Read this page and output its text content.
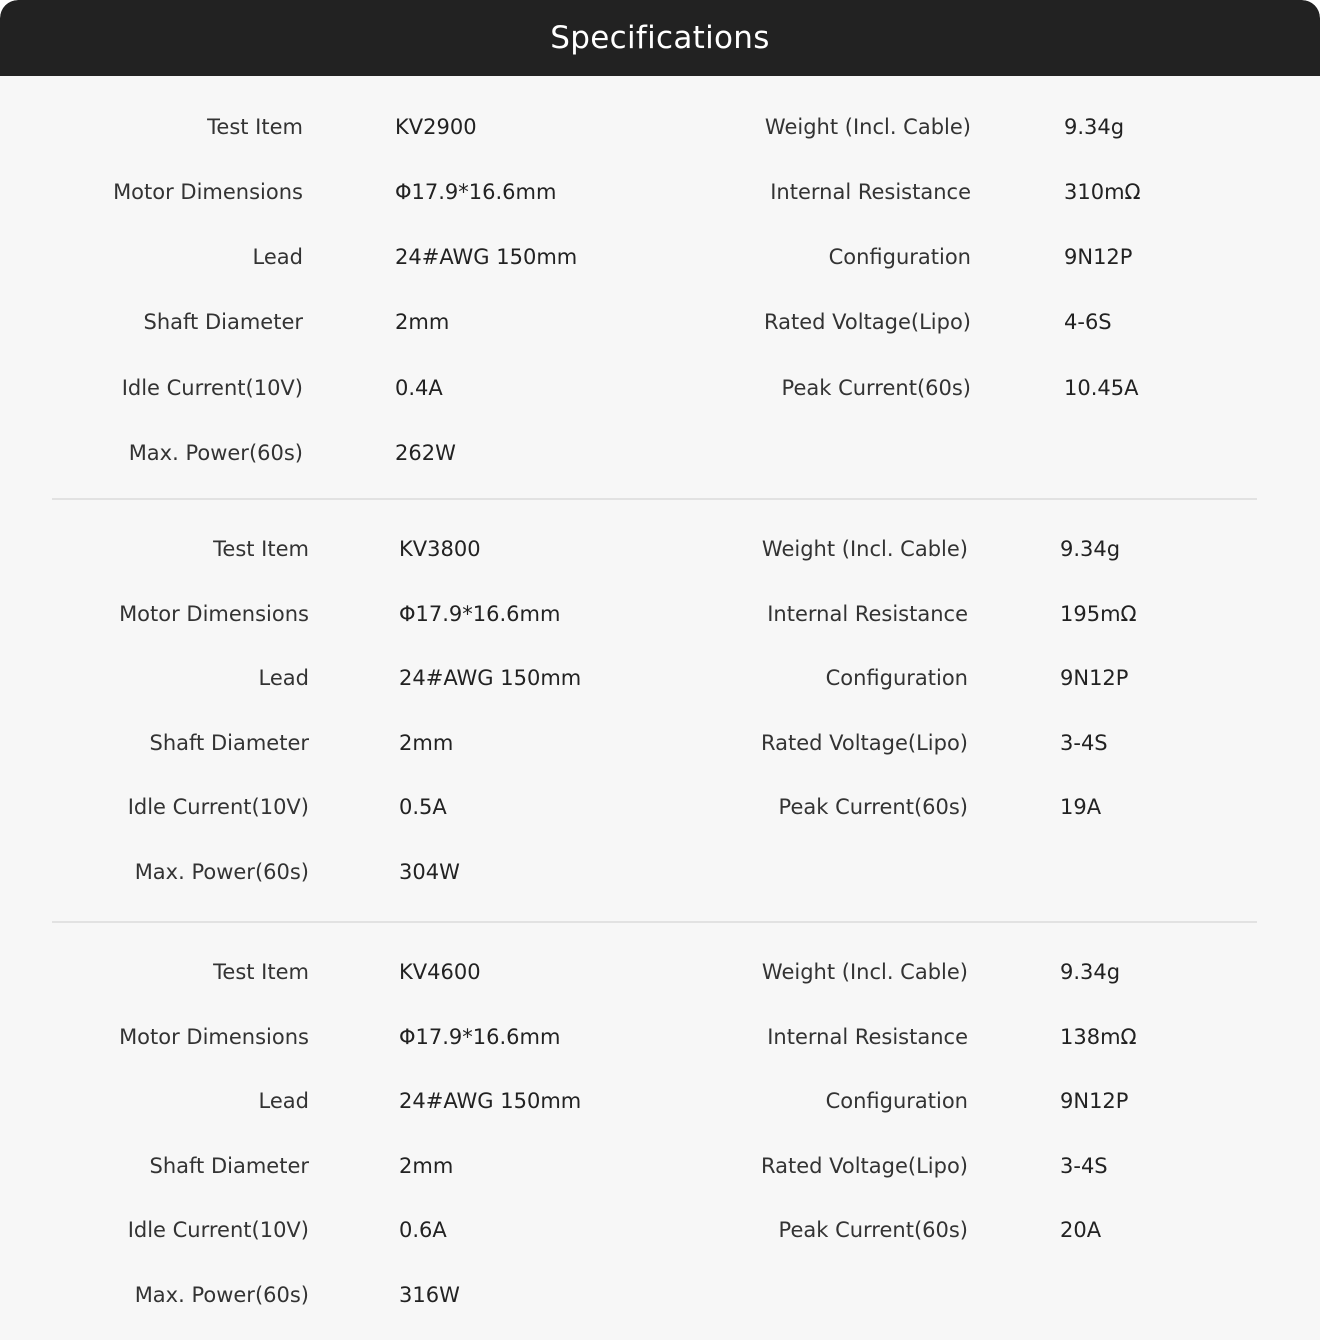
Specifications
Test Item	KV2900	Weight (Incl. Cable)	9.34g
Motor Dimensions	Φ17.9*16.6mm	Internal Resistance	310mΩ
Lead	24#AWG 150mm	Configuration	9N12P
Shaft Diameter	2mm	Rated Voltage(Lipo)	4-6S
Idle Current(10V)	0.4A	Peak Current(60s)	10.45A
Max. Power(60s)	262W
Test Item	KV3800	Weight (Incl. Cable)	9.34g
Motor Dimensions	Φ17.9*16.6mm	Internal Resistance	195mΩ
Lead	24#AWG 150mm	Configuration	9N12P
Shaft Diameter	2mm	Rated Voltage(Lipo)	3-4S
Idle Current(10V)	0.5A	Peak Current(60s)	19A
Max. Power(60s)	304W
Test Item	KV4600	Weight (Incl. Cable)	9.34g
Motor Dimensions	Φ17.9*16.6mm	Internal Resistance	138mΩ
Lead	24#AWG 150mm	Configuration	9N12P
Shaft Diameter	2mm	Rated Voltage(Lipo)	3-4S
Idle Current(10V)	0.6A	Peak Current(60s)	20A
Max. Power(60s)	316W
